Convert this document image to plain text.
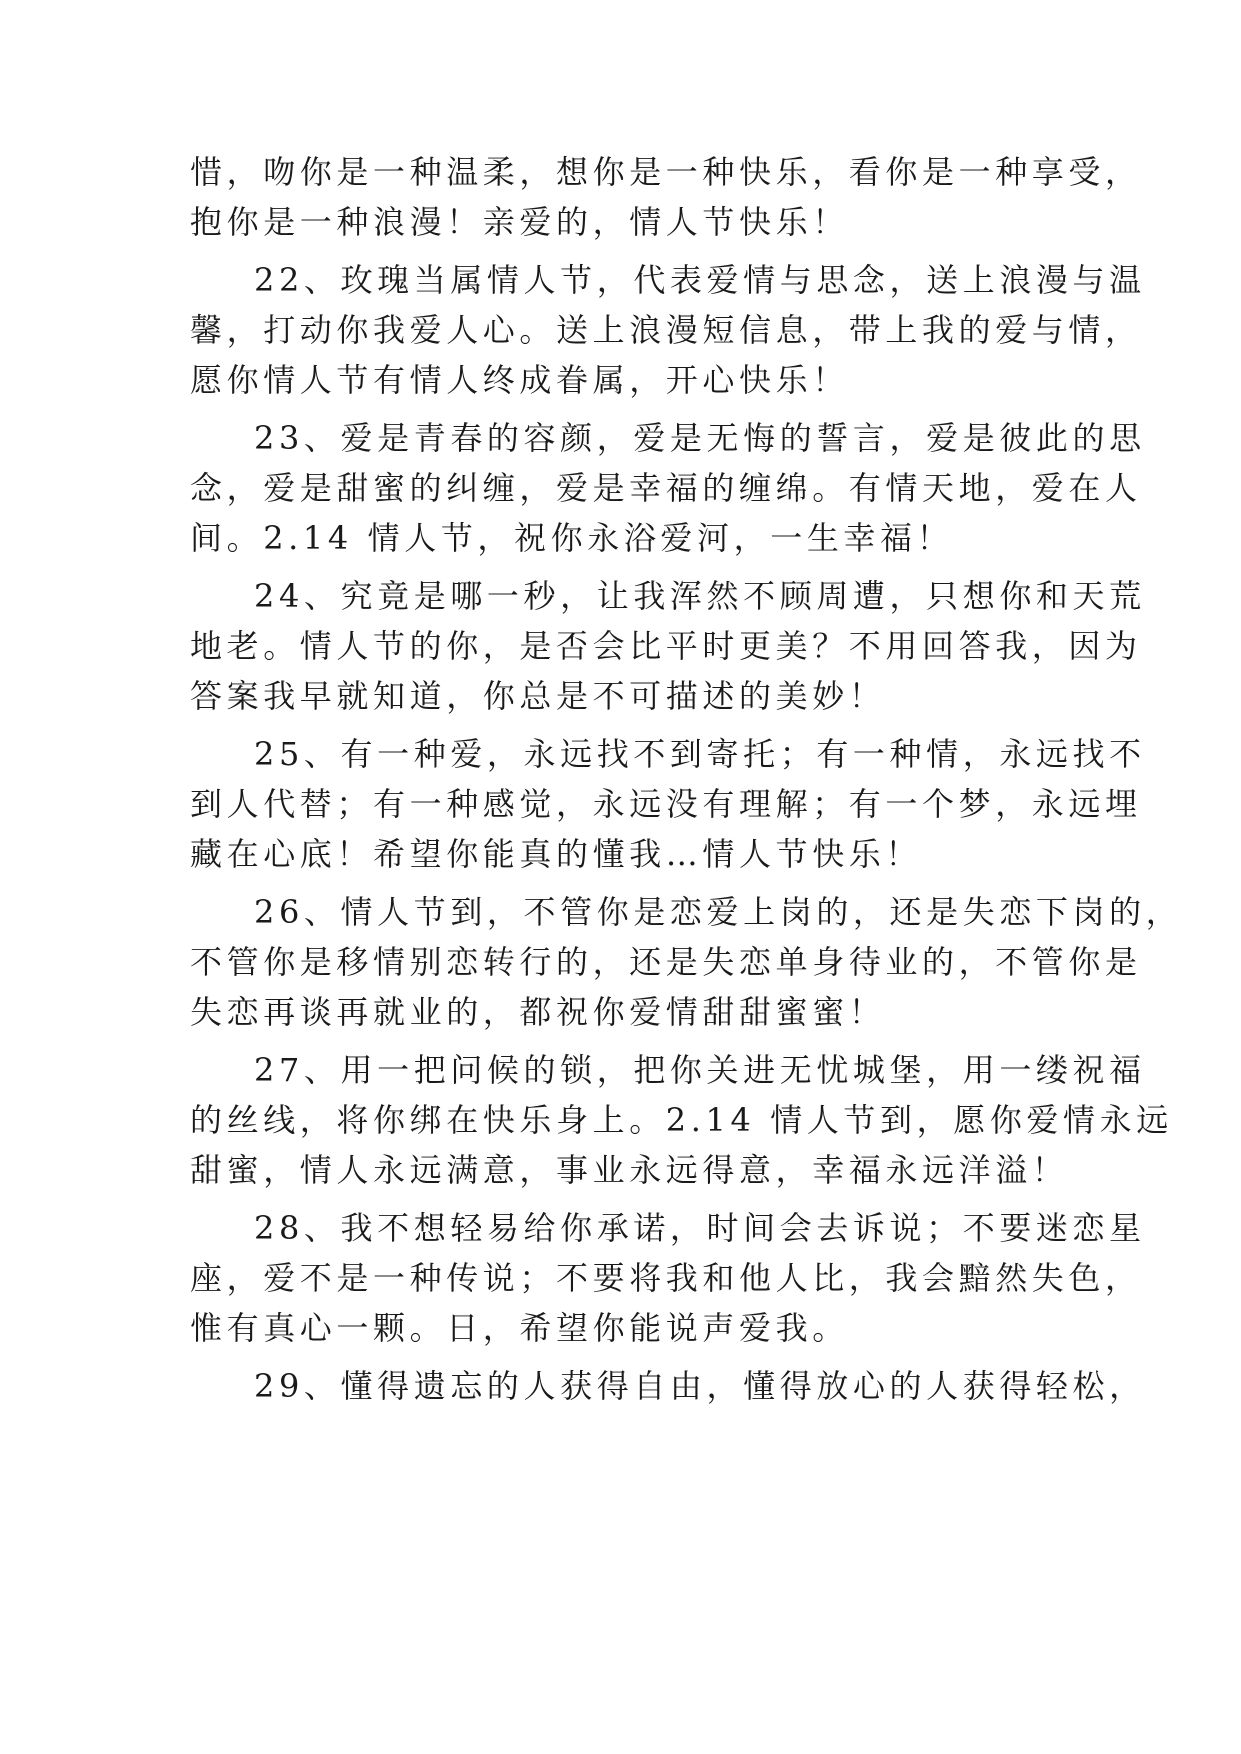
惜，吻你是一种温柔，想你是一种快乐，看你是一种享受，
抱你是一种浪漫！亲爱的，情人节快乐！
22、玫瑰当属情人节，代表爱情与思念，送上浪漫与温
馨，打动你我爱人心。送上浪漫短信息，带上我的爱与情，
愿你情人节有情人终成眷属，开心快乐！
23、爱是青春的容颜，爱是无悔的誓言，爱是彼此的思
念，爱是甜蜜的纠缠，爱是幸福的缠绵。有情天地，爱在人
间。2.14 情人节，祝你永浴爱河，一生幸福！
24、究竟是哪一秒，让我浑然不顾周遭，只想你和天荒
地老。情人节的你，是否会比平时更美？不用回答我，因为
答案我早就知道，你总是不可描述的美妙！
25、有一种爱，永远找不到寄托；有一种情，永远找不
到人代替；有一种感觉，永远没有理解；有一个梦，永远埋
藏在心底！希望你能真的懂我…情人节快乐！
26、情人节到，不管你是恋爱上岗的，还是失恋下岗的，
不管你是移情别恋转行的，还是失恋单身待业的，不管你是
失恋再谈再就业的，都祝你爱情甜甜蜜蜜！
27、用一把问候的锁，把你关进无忧城堡，用一缕祝福
的丝线，将你绑在快乐身上。2.14 情人节到，愿你爱情永远
甜蜜，情人永远满意，事业永远得意，幸福永远洋溢！
28、我不想轻易给你承诺，时间会去诉说；不要迷恋星
座，爱不是一种传说；不要将我和他人比，我会黯然失色，
惟有真心一颗。日，希望你能说声爱我。
29、懂得遗忘的人获得自由，懂得放心的人获得轻松，
